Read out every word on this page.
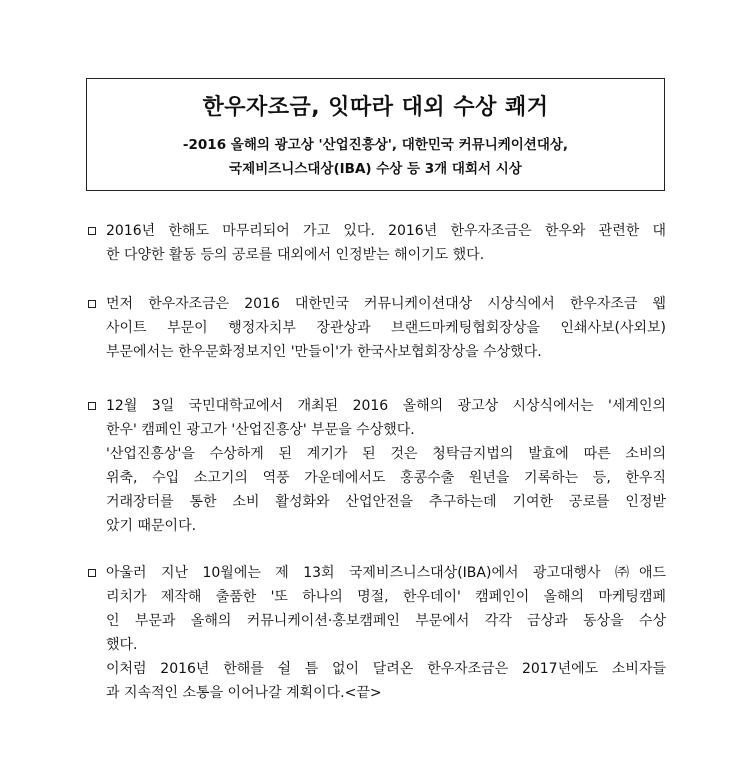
한우자조금, 잇따라 대외 수상 쾌거
-2016 올해의 광고상 '산업진흥상', 대한민국 커뮤니케이션대상,
국제비즈니스대상(IBA) 수상 등 3개 대회서 시상
2016년 한해도 마무리되어 가고 있다. 2016년 한우자조금은 한우와 관련한 대
한 다양한 활동 등의 공로를 대외에서 인정받는 해이기도 했다.
먼저 한우자조금은 2016 대한민국 커뮤니케이션대상 시상식에서 한우자조금 웹
사이트 부문이 행정자치부 장관상과 브랜드마케팅협회장상을 인쇄사보(사외보)
부문에서는 한우문화정보지인 '만들이'가 한국사보협회장상을 수상했다.
12월 3일 국민대학교에서 개최된 2016 올해의 광고상 시상식에서는 '세계인의
한우' 캠페인 광고가 '산업진흥상' 부문을 수상했다.
'산업진흥상'을 수상하게 된 계기가 된 것은 청탁금지법의 발효에 따른 소비의
위축, 수입 소고기의 역풍 가운데에서도 홍콩수출 원년을 기록하는 등, 한우직
거래장터를 통한 소비 활성화와 산업안전을 추구하는데 기여한 공로를 인정받
았기 때문이다.
아울러 지난 10월에는 제 13회 국제비즈니스대상(IBA)에서 광고대행사 ㈜애드
리치가 제작해 출품한 '또 하나의 명절, 한우데이' 캠페인이 올해의 마케팅캠페
인 부문과 올해의 커뮤니케이션·홍보캠페인 부문에서 각각 금상과 동상을 수상
했다.
이처럼 2016년 한해를 쉴 틈 없이 달려온 한우자조금은 2017년에도 소비자들
과 지속적인 소통을 이어나갈 계획이다.<끝>
